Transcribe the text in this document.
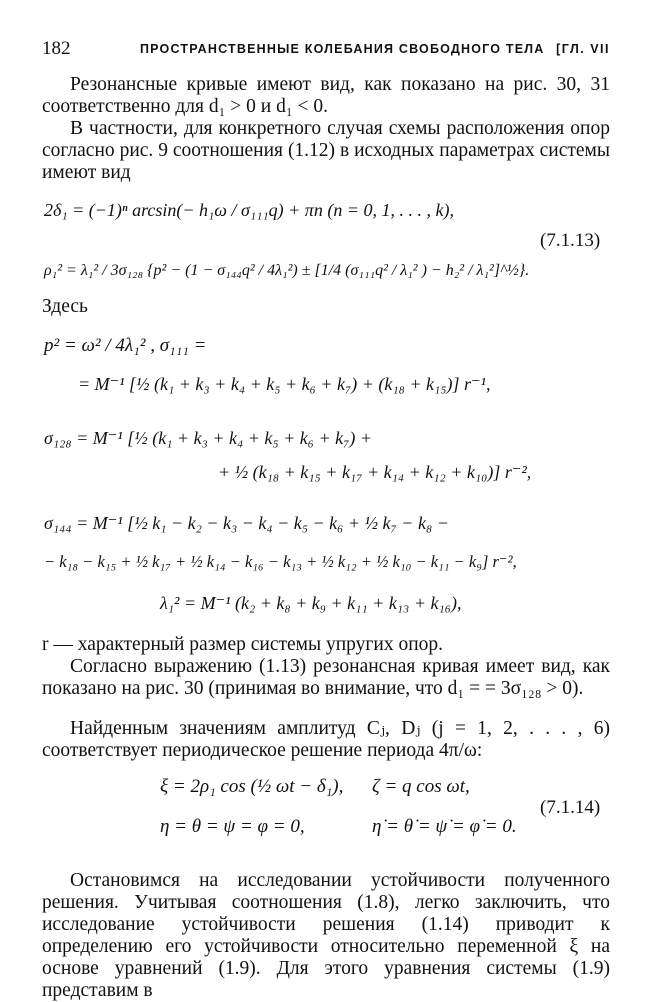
182	ПРОСТРАНСТВЕННЫЕ КОЛЕБАНИЯ СВОБОДНОГО ТЕЛА [ГЛ. VII
Резонансные кривые имеют вид, как показано на рис. 30, 31 соответственно для d₁ > 0 и d₁ < 0.
В частности, для конкретного случая схемы расположения опор согласно рис. 9 соотношения (1.12) в исходных параметрах системы имеют вид
2δ₁ = (−1)ⁿ arcsin(− h₁ω / σ₁₁₁q) + πn (n = 0, 1, . . . , k),
ρ₁² = λ₁² / 3σ₁₂₈ {p² − (1 − σ₁₄₄q² / 4λ₁²) ± [1/4 (σ₁₁₁q² / λ₁² ) − h₂² / λ₁²]^½}.
(7.1.13)
Здесь
p² = ω² / 4λ₁² , σ₁₁₁ =
= M⁻¹ [½ (k₁ + k₃ + k₄ + k₅ + k₆ + k₇) + (k₁₈ + k₁₅)] r⁻¹,
σ₁₂₈ = M⁻¹ [½ (k₁ + k₃ + k₄ + k₅ + k₆ + k₇) +
+ ½ (k₁₈ + k₁₅ + k₁₇ + k₁₄ + k₁₂ + k₁₀)] r⁻²,
σ₁₄₄ = M⁻¹ [½ k₁ − k₂ − k₃ − k₄ − k₅ − k₆ + ½ k₇ − k₈ −
− k₁₈ − k₁₅ + ½ k₁₇ + ½ k₁₄ − k₁₆ − k₁₃ + ½ k₁₂ + ½ k₁₀ − k₁₁ − k₉] r⁻²,
λ₁² = M⁻¹ (k₂ + k₈ + k₉ + k₁₁ + k₁₃ + k₁₆),
r — характерный размер системы упругих опор.
Согласно выражению (1.13) резонансная кривая имеет вид, как показано на рис. 30 (принимая во внимание, что d₁ = = 3σ₁₂₈ > 0).
Найденным значениям амплитуд Cⱼ, Dⱼ (j = 1, 2, . . . , 6) соответствует периодическое решение периода 4π/ω:
ξ = 2ρ₁ cos (½ ωt − δ₁), ζ = q cos ωt,
η = θ = ψ = φ = 0,	η̇ = θ̇ = ψ̇ = φ̇ = 0.
(7.1.14)
Остановимся на исследовании устойчивости полученного решения. Учитывая соотношения (1.8), легко заключить, что исследование устойчивости решения (1.14) приводит к определению его устойчивости относительно переменной ξ на основе уравнений (1.9). Для этого уравнения системы (1.9) представим в
